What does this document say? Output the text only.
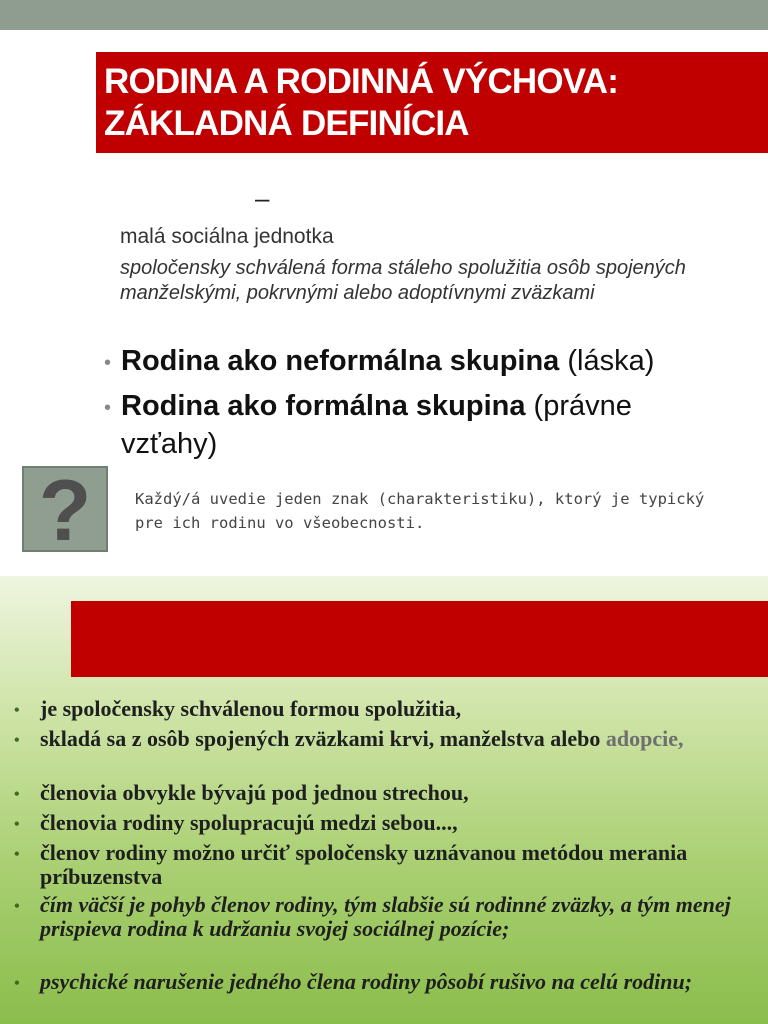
RODINA A RODINNÁ VÝCHOVA:
ZÁKLADNÁ DEFINÍCIA
–
malá sociálna jednotka
spoločensky schválená forma stáleho spolužitia osôb spojených manželskými, pokrvnými alebo adoptívnymi zväzkami
• Rodina ako neformálna skupina (láska)
• Rodina ako formálna skupina (právne vzťahy)
?	Každý/á uvedie jeden znak (charakteristiku), ktorý je typický pre ich rodinu vo všeobecnosti.
• je spoločensky schválenou formou spolužitia,
• skladá sa z osôb spojených zväzkami krvi, manželstva alebo adopcie,
• členovia obvykle bývajú pod jednou strechou,
• členovia rodiny spolupracujú medzi sebou...,
• členov rodiny možno určiť spoločensky uznávanou metódou merania príbuzenstva
• čím väčší je pohyb členov rodiny, tým slabšie sú rodinné zväzky, a tým menej prispieva rodina k udržaniu svojej sociálnej pozície;
• psychické narušenie jedného člena rodiny pôsobí rušivo na celú rodinu;
